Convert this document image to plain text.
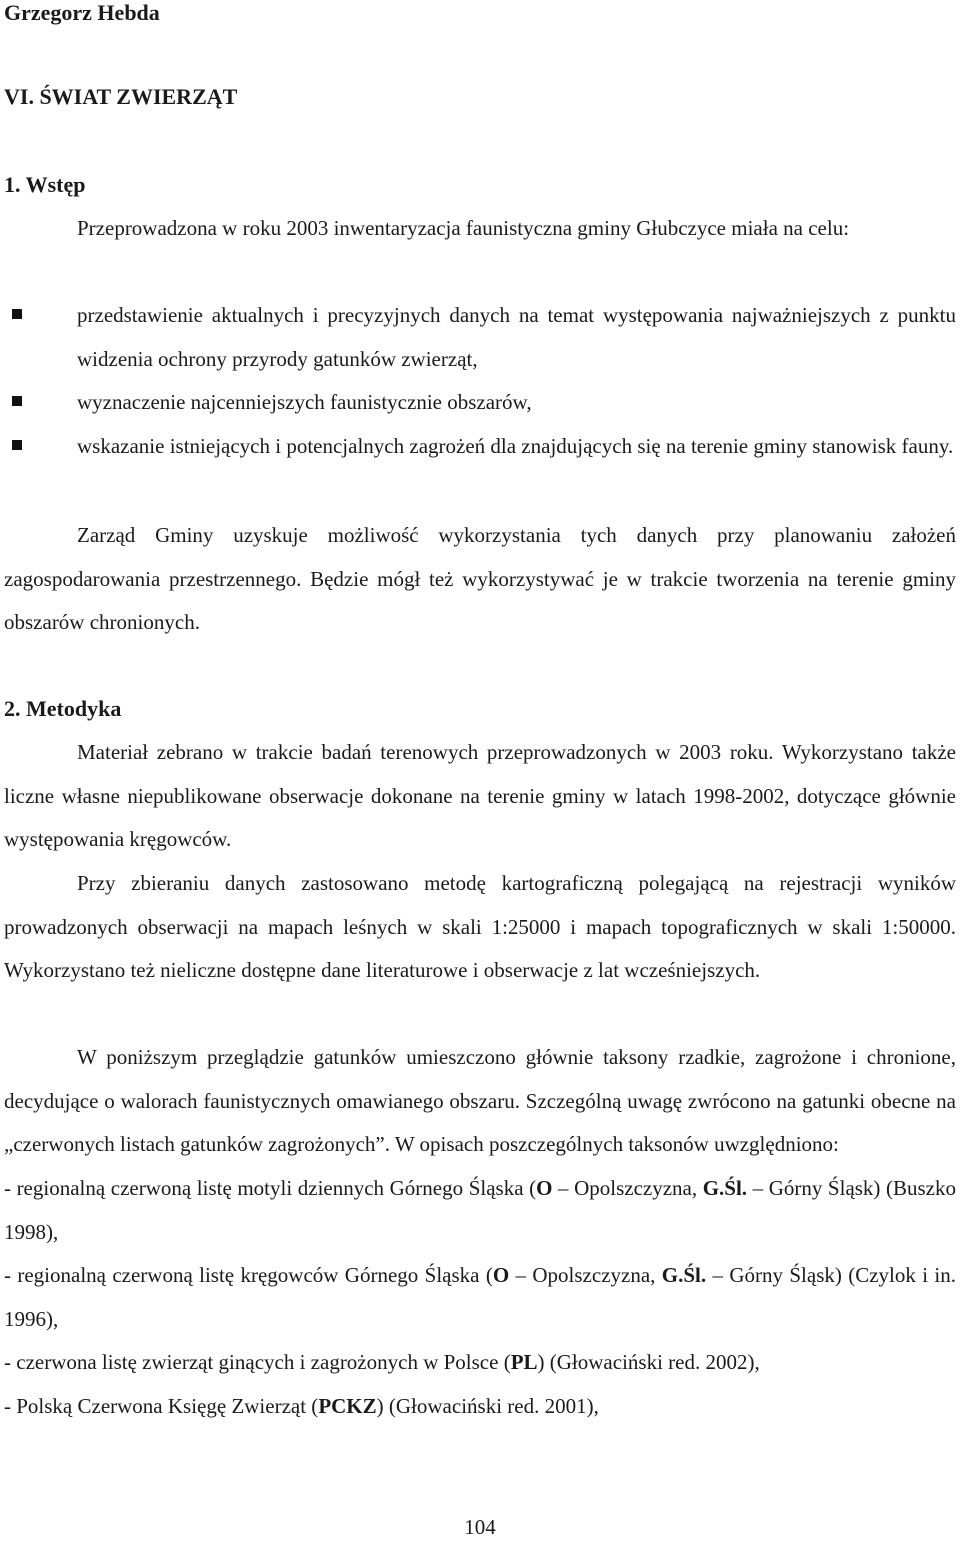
Grzegorz Hebda
VI. ŚWIAT ZWIERZĄT
1. Wstęp
Przeprowadzona w roku 2003 inwentaryzacja faunistyczna gminy Głubczyce miała na celu:
przedstawienie aktualnych i precyzyjnych danych na temat występowania najważniejszych z punktu widzenia ochrony przyrody gatunków zwierząt,
wyznaczenie najcenniejszych faunistycznie obszarów,
wskazanie istniejących i potencjalnych zagrożeń dla znajdujących się na terenie gminy stanowisk fauny.
Zarząd Gminy uzyskuje możliwość wykorzystania tych danych przy planowaniu założeń zagospodarowania przestrzennego. Będzie mógł też wykorzystywać je w trakcie tworzenia na terenie gminy obszarów chronionych.
2. Metodyka
Materiał zebrano w trakcie badań terenowych przeprowadzonych w 2003 roku. Wykorzystano także liczne własne niepublikowane obserwacje dokonane na terenie gminy w latach 1998-2002, dotyczące głównie występowania kręgowców.
Przy zbieraniu danych zastosowano metodę kartograficzną polegającą na rejestracji wyników prowadzonych obserwacji na mapach leśnych w skali 1:25000 i mapach topograficznych w skali 1:50000. Wykorzystano też nieliczne dostępne dane literaturowe i obserwacje z lat wcześniejszych.
W poniższym przeglądzie gatunków umieszczono głównie taksony rzadkie, zagrożone i chronione, decydujące o walorach faunistycznych omawianego obszaru. Szczególną uwagę zwrócono na gatunki obecne na „czerwonych listach gatunków zagrożonych”. W opisach poszczególnych taksonów uwzględniono:
- regionalną czerwoną listę motyli dziennych Górnego Śląska (O – Opolszczyzna, G.Śl. – Górny Śląsk) (Buszko 1998),
- regionalną czerwoną listę kręgowców Górnego Śląska (O – Opolszczyzna, G.Śl. – Górny Śląsk) (Czylok i in. 1996),
- czerwona listę zwierząt ginących i zagrożonych w Polsce (PL) (Głowaciński red. 2002),
- Polską Czerwona Księgę Zwierząt (PCKZ) (Głowaciński red. 2001),
104
